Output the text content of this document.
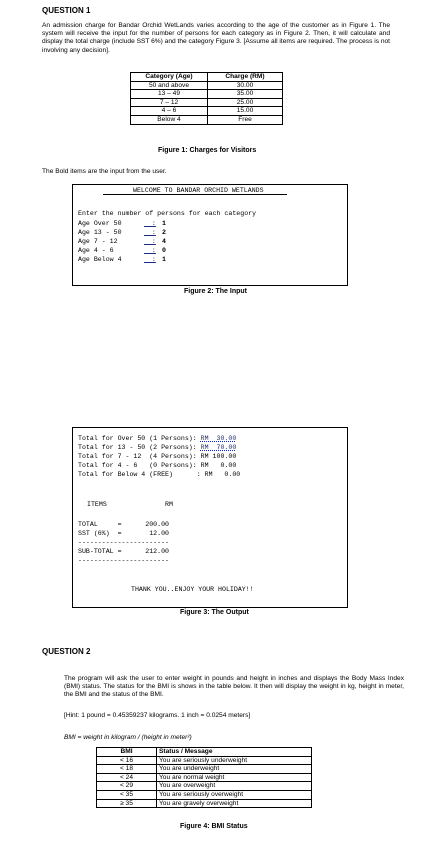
QUESTION 1
An admission charge for Bandar Orchid WetLands varies according to the age of the customer as in Figure 1. The system will receive the input for the number of persons for each category as in Figure 2. Then, it will calculate and display the total charge (include SST 6%) and the category Figure 3. [Assume all items are required. The process is not involving any decision].
Category (Age)	Charge (RM)
50 and above	30.00
13 – 49	35.00
7 – 12	25.00
4 – 6	15.00
Below 4	Free
Figure 1: Charges for Visitors
The Bold items are the input from the user.
WELCOME TO BANDAR ORCHID WETLANDS
Enter the number of persons for each category
Age Over 50	: 1
Age 13 - 50	: 2
Age 7 - 12	: 4
Age 4 - 6	: 0
Age Below 4	: 1
Figure 2: The Input
Total for Over 50 (1 Persons): RM  30.00
Total for 13 - 50 (2 Persons): RM  70.00
Total for 7 - 12  (4 Persons): RM 100.00
Total for 4 - 6   (0 Persons): RM   0.00
Total for Below 4 (FREE)      : RM   0.00
ITEMS	RM
TOTAL     =      200.00
SST (6%)  =       12.00
-----------------------
SUB-TOTAL =      212.00
-----------------------
THANK YOU..ENJOY YOUR HOLIDAY!!
Figure 3: The Output
QUESTION 2
The program will ask the user to enter weight in pounds and height in inches and displays the Body Mass Index (BMI) status. The status for the BMI is shows in the table below. It then will display the weight in kg, height in meter, the BMI and the status of the BMI.
[Hint: 1 pound = 0.45359237 kilograms. 1 inch = 0.0254 meters]
BMI = weight in kilogram / (height in meter²)
BMI	Status / Message
< 16	You are seriously underweight
< 18	You are underweight
< 24	You are normal weight
< 29	You are overweight
< 35	You are seriously overweight
≥ 35	You are gravely overweight
Figure 4: BMI Status
